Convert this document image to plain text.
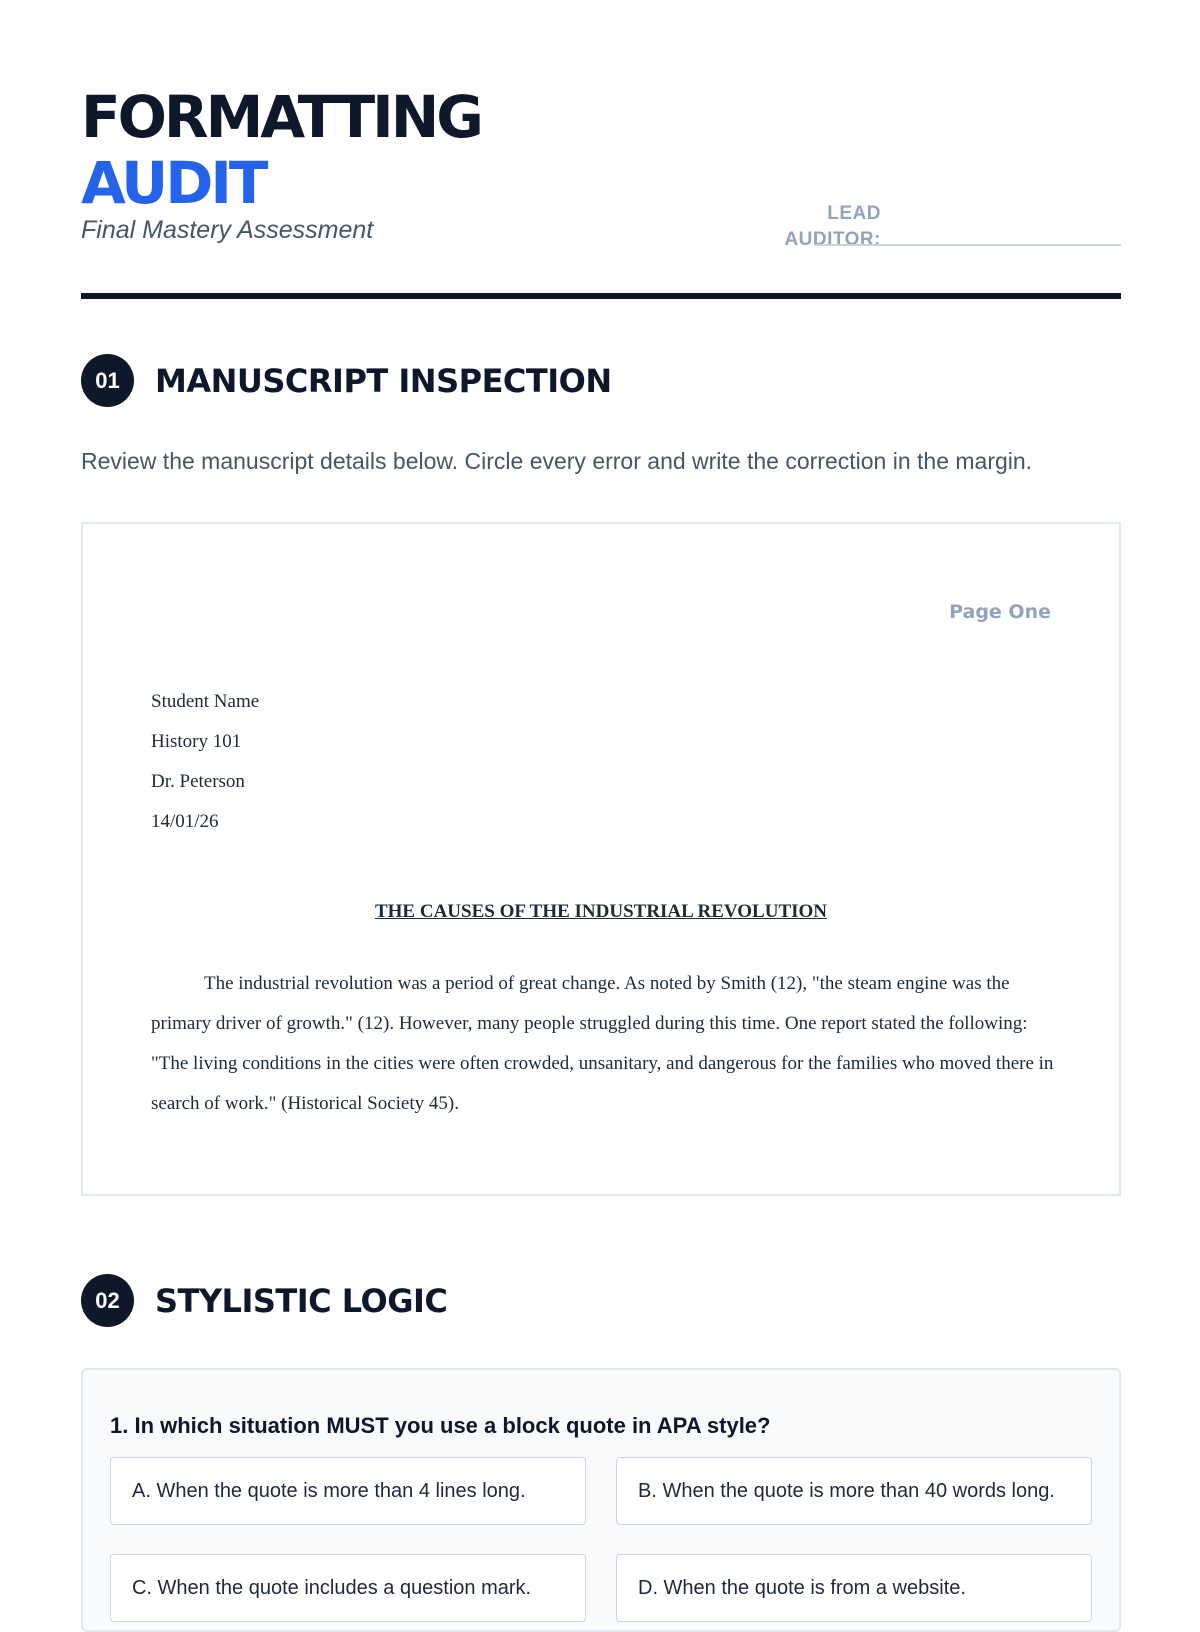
FORMATTING
AUDIT
Final Mastery Assessment
LEAD
AUDITOR:
01	MANUSCRIPT INSPECTION
Review the manuscript details below. Circle every error and write the correction in the margin.
Page One
Student Name
History 101
Dr. Peterson
14/01/26
THE CAUSES OF THE INDUSTRIAL REVOLUTION

The industrial revolution was a period of great change. As noted by Smith (12), "the steam engine was the primary driver of growth." (12). However, many people struggled during this time. One report stated the following: "The living conditions in the cities were often crowded, unsanitary, and dangerous for the families who moved there in search of work." (Historical Society 45).

02	STYLISTIC LOGIC
1. In which situation MUST you use a block quote in APA style?
A. When the quote is more than 4 lines long.	B. When the quote is more than 40 words long.
C. When the quote includes a question mark.	D. When the quote is from a website.
